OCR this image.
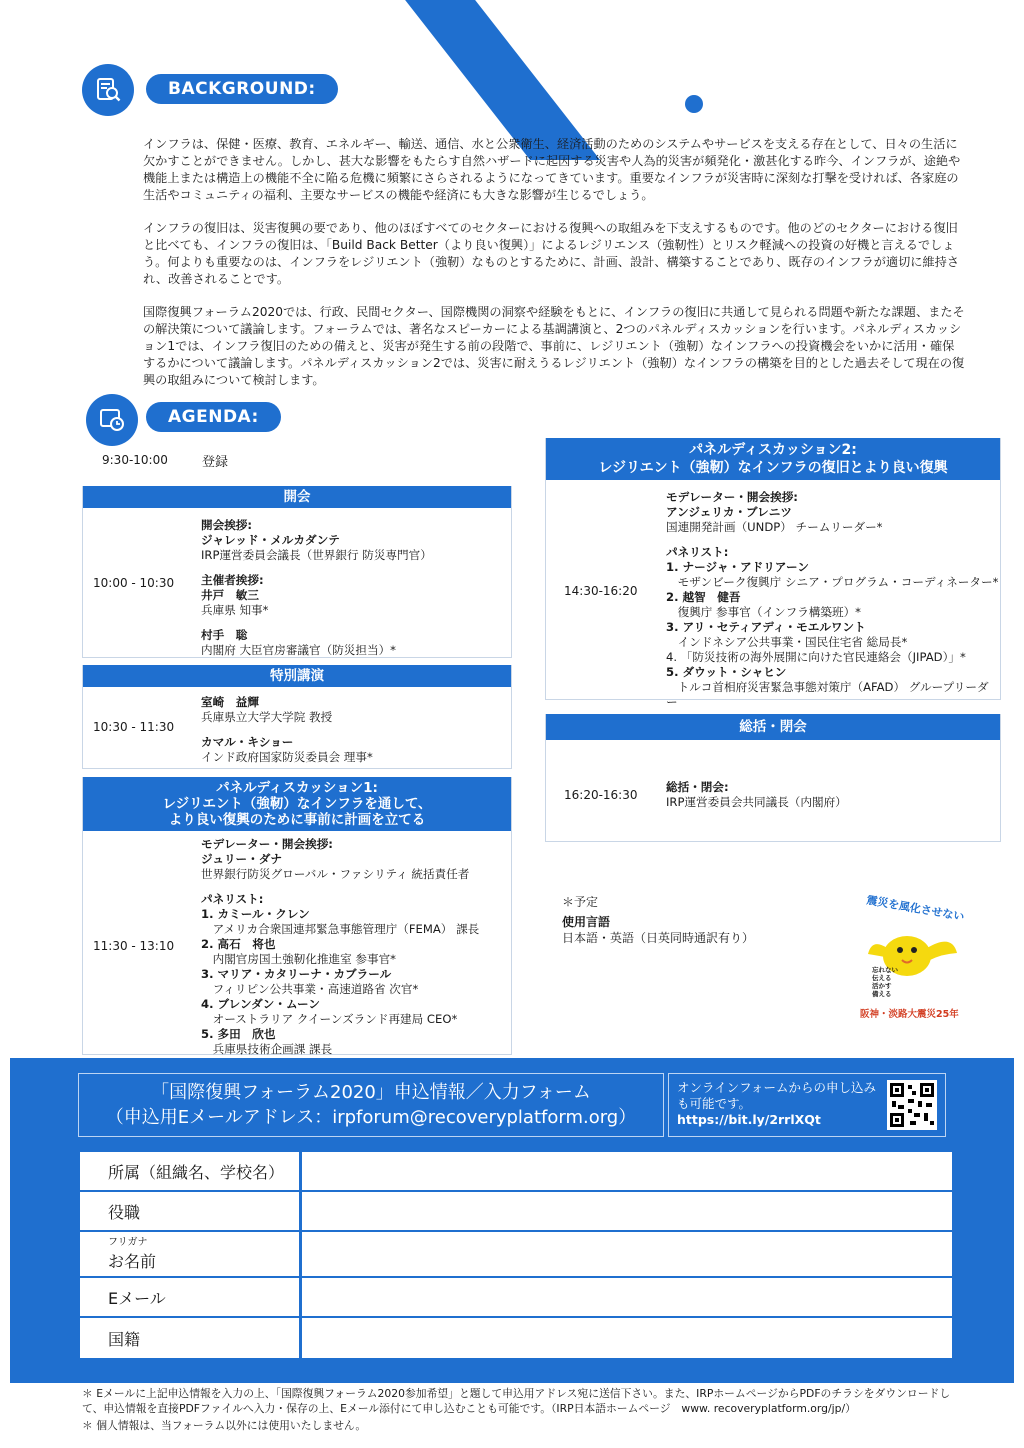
BACKGROUND:

インフラは、保健・医療、教育、エネルギー、輸送、通信、水と公衆衛生、経済活動のためのシステムやサービスを支える存在として、日々の生活に欠かすことができません。しかし、甚大な影響をもたらす自然ハザードに起因する災害や人為的災害が頻発化・激甚化する昨今、インフラが、途絶や機能上または構造上の機能不全に陥る危機に頻繁にさらされるようになってきています。重要なインフラが災害時に深刻な打撃を受ければ、各家庭の生活やコミュニティの福利、主要なサービスの機能や経済にも大きな影響が生じるでしょう。

インフラの復旧は、災害復興の要であり、他のほぼすべてのセクターにおける復興への取組みを下支えするものです。他のどのセクターにおける復旧と比べても、インフラの復旧は、「Build Back Better（より良い復興）」によるレジリエンス（強靭性）とリスク軽減への投資の好機と言えるでしょう。何よりも重要なのは、インフラをレジリエント（強靭）なものとするために、計画、設計、構築することであり、既存のインフラが適切に維持され、改善されることです。

国際復興フォーラム2020では、行政、民間セクター、国際機関の洞察や経験をもとに、インフラの復旧に共通して見られる問題や新たな課題、またその解決策について議論します。フォーラムでは、著名なスピーカーによる基調講演と、2つのパネルディスカッションを行います。パネルディスカッション1では、インフラ復旧のための備えと、災害が発生する前の段階で、事前に、レジリエント（強靭）なインフラへの投資機会をいかに活用・確保するかについて議論します。パネルディスカッション2では、災害に耐えうるレジリエント（強靭）なインフラの構築を目的とした過去そして現在の復興の取組みについて検討します。

AGENDA:
9:30-10:00	登録
開会
10:00 - 10:30
開会挨拶:
ジャレッド・メルカダンテ
IRP運営委員会議長（世界銀行 防災専門官）
主催者挨拶:
井戸　敏三
兵庫県 知事*
村手　聡
内閣府 大臣官房審議官（防災担当）*
特別講演
10:30 - 11:30
室崎　益輝
兵庫県立大学大学院 教授
カマル・キショー
インド政府国家防災委員会 理事*
パネルディスカッション1:
レジリエント（強靭）なインフラを通して、
より良い復興のために事前に計画を立てる
11:30 - 13:10
モデレーター・開会挨拶:
ジュリー・ダナ
世界銀行防災グローバル・ファシリティ 統括責任者
パネリスト:
1. カミール・クレン
　アメリカ合衆国連邦緊急事態管理庁（FEMA） 課長
2. 高石　将也
　内閣官房国土強靭化推進室 参事官*
3. マリア・カタリーナ・カブラール
　フィリピン公共事業・高速道路省 次官*
4. ブレンダン・ムーン
　オーストラリア クイーンズランド再建局 CEO*
5. 多田　欣也
　兵庫県技術企画課 課長
パネルディスカッション2:
レジリエント（強靭）なインフラの復旧とより良い復興
14:30-16:20
モデレーター・開会挨拶:
アンジェリカ・ブレニツ
国連開発計画（UNDP） チームリーダー*
パネリスト:
1. ナージャ・アドリアーン
　モザンビーク復興庁 シニア・プログラム・コーディネーター*
2. 越智　健吾
　復興庁 参事官（インフラ構築班）*
3. アリ・セティアディ・モエルワント
　インドネシア公共事業・国民住宅省 総局長*
4. 「防災技術の海外展開に向けた官民連絡会（JIPAD）」*
5. ダウット・シャヒン
　トルコ首相府災害緊急事態対策庁（AFAD） グループリーダー
総括・閉会
16:20-16:30
総括・閉会:
IRP運営委員会共同議長（内閣府）
＊予定
使用言語
日本語・英語（日英同時通訳有り）
震災を風化させない
忘れない
伝える
活かす
備える
阪神・淡路大震災25年
「国際復興フォーラム2020」申込情報／入力フォーム
（申込用Eメールアドレス：irpforum@recoveryplatform.org）
オンラインフォームからの申し込みも可能です。
https://bit.ly/2rrlXQt
所属（組織名、学校名）
役職
フリガナ
お名前
Eメール
国籍
＊ Eメールに上記申込情報を入力の上、「国際復興フォーラム2020参加希望」と題して申込用アドレス宛に送信下さい。また、IRPホームページからPDFのチラシをダウンロードして、申込情報を直接PDFファイルへ入力・保存の上、Eメール添付にて申し込むことも可能です。（IRP日本語ホームページ　www. recoveryplatform.org/jp/）
＊ 個人情報は、当フォーラム以外には使用いたしません。
